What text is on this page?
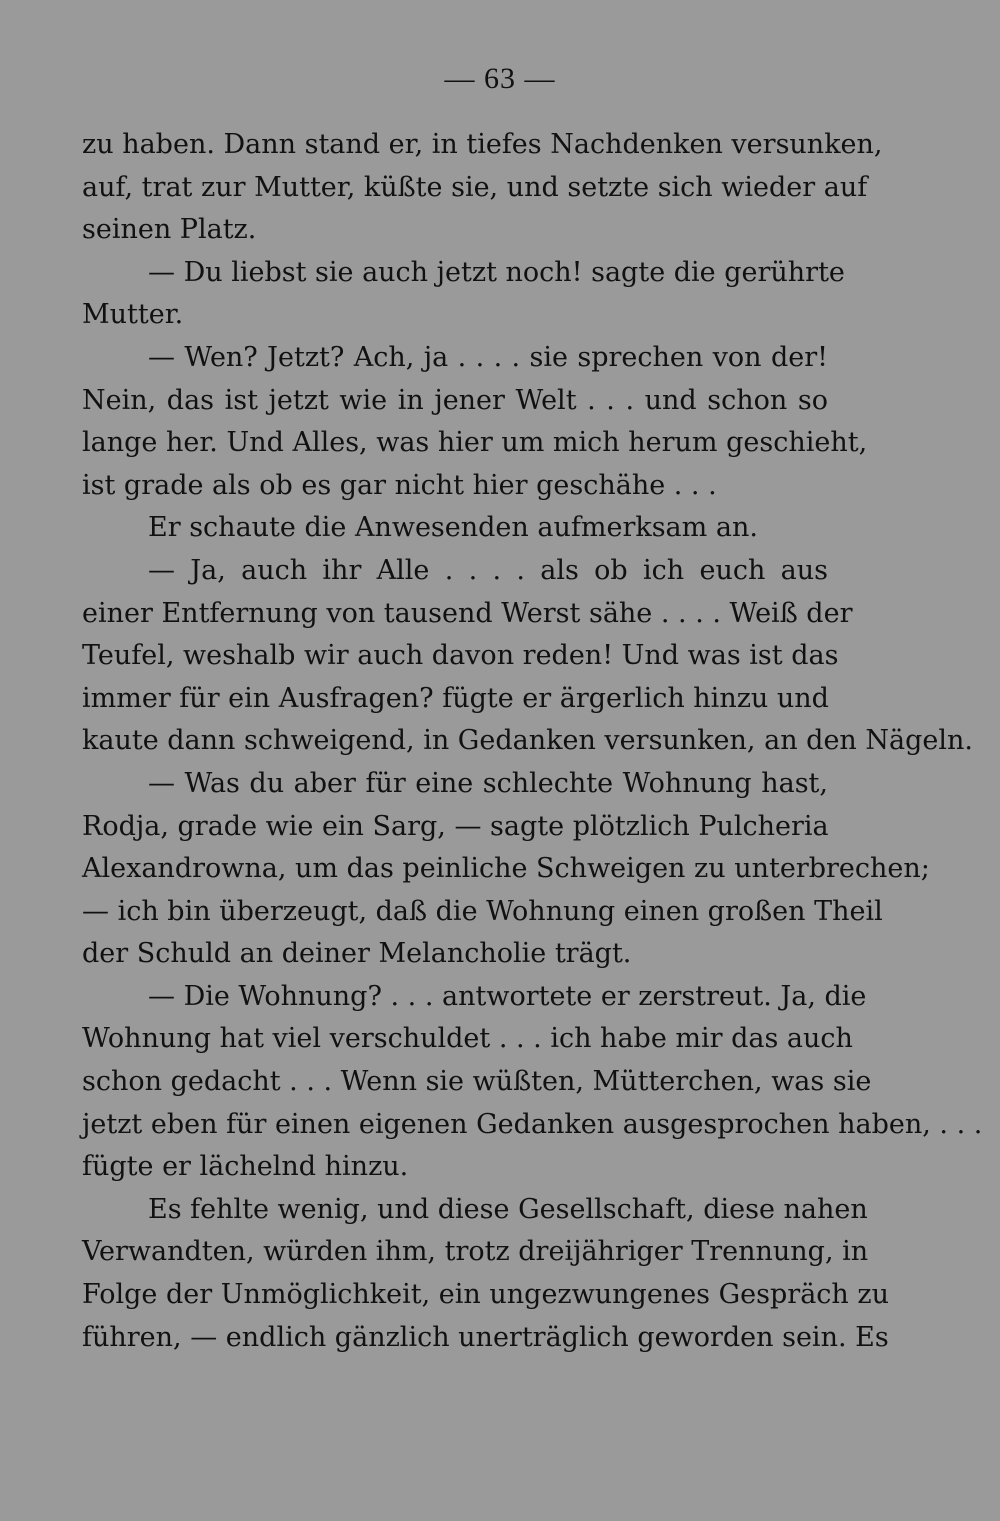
— 63 —
zu haben. Dann stand er, in tiefes Nachdenken versunken,
auf, trat zur Mutter, küßte sie, und setzte sich wieder auf
seinen Platz.
— Du liebst sie auch jetzt noch! sagte die gerührte
Mutter.
— Wen? Jetzt? Ach, ja . . . . sie sprechen von der!
Nein, das ist jetzt wie in jener Welt . . . und schon so
lange her. Und Alles, was hier um mich herum geschieht,
ist grade als ob es gar nicht hier geschähe . . .
Er schaute die Anwesenden aufmerksam an.
— Ja, auch ihr Alle . . . . als ob ich euch aus
einer Entfernung von tausend Werst sähe . . . . Weiß der
Teufel, weshalb wir auch davon reden! Und was ist das
immer für ein Ausfragen? fügte er ärgerlich hinzu und
kaute dann schweigend, in Gedanken versunken, an den Nägeln.
— Was du aber für eine schlechte Wohnung hast,
Rodja, grade wie ein Sarg, — sagte plötzlich Pulcheria
Alexandrowna, um das peinliche Schweigen zu unterbrechen;
— ich bin überzeugt, daß die Wohnung einen großen Theil
der Schuld an deiner Melancholie trägt.
— Die Wohnung? . . . antwortete er zerstreut. Ja, die
Wohnung hat viel verschuldet . . . ich habe mir das auch
schon gedacht . . . Wenn sie wüßten, Mütterchen, was sie
jetzt eben für einen eigenen Gedanken ausgesprochen haben, . . .
fügte er lächelnd hinzu.
Es fehlte wenig, und diese Gesellschaft, diese nahen
Verwandten, würden ihm, trotz dreijähriger Trennung, in
Folge der Unmöglichkeit, ein ungezwungenes Gespräch zu
führen, — endlich gänzlich unerträglich geworden sein. Es
